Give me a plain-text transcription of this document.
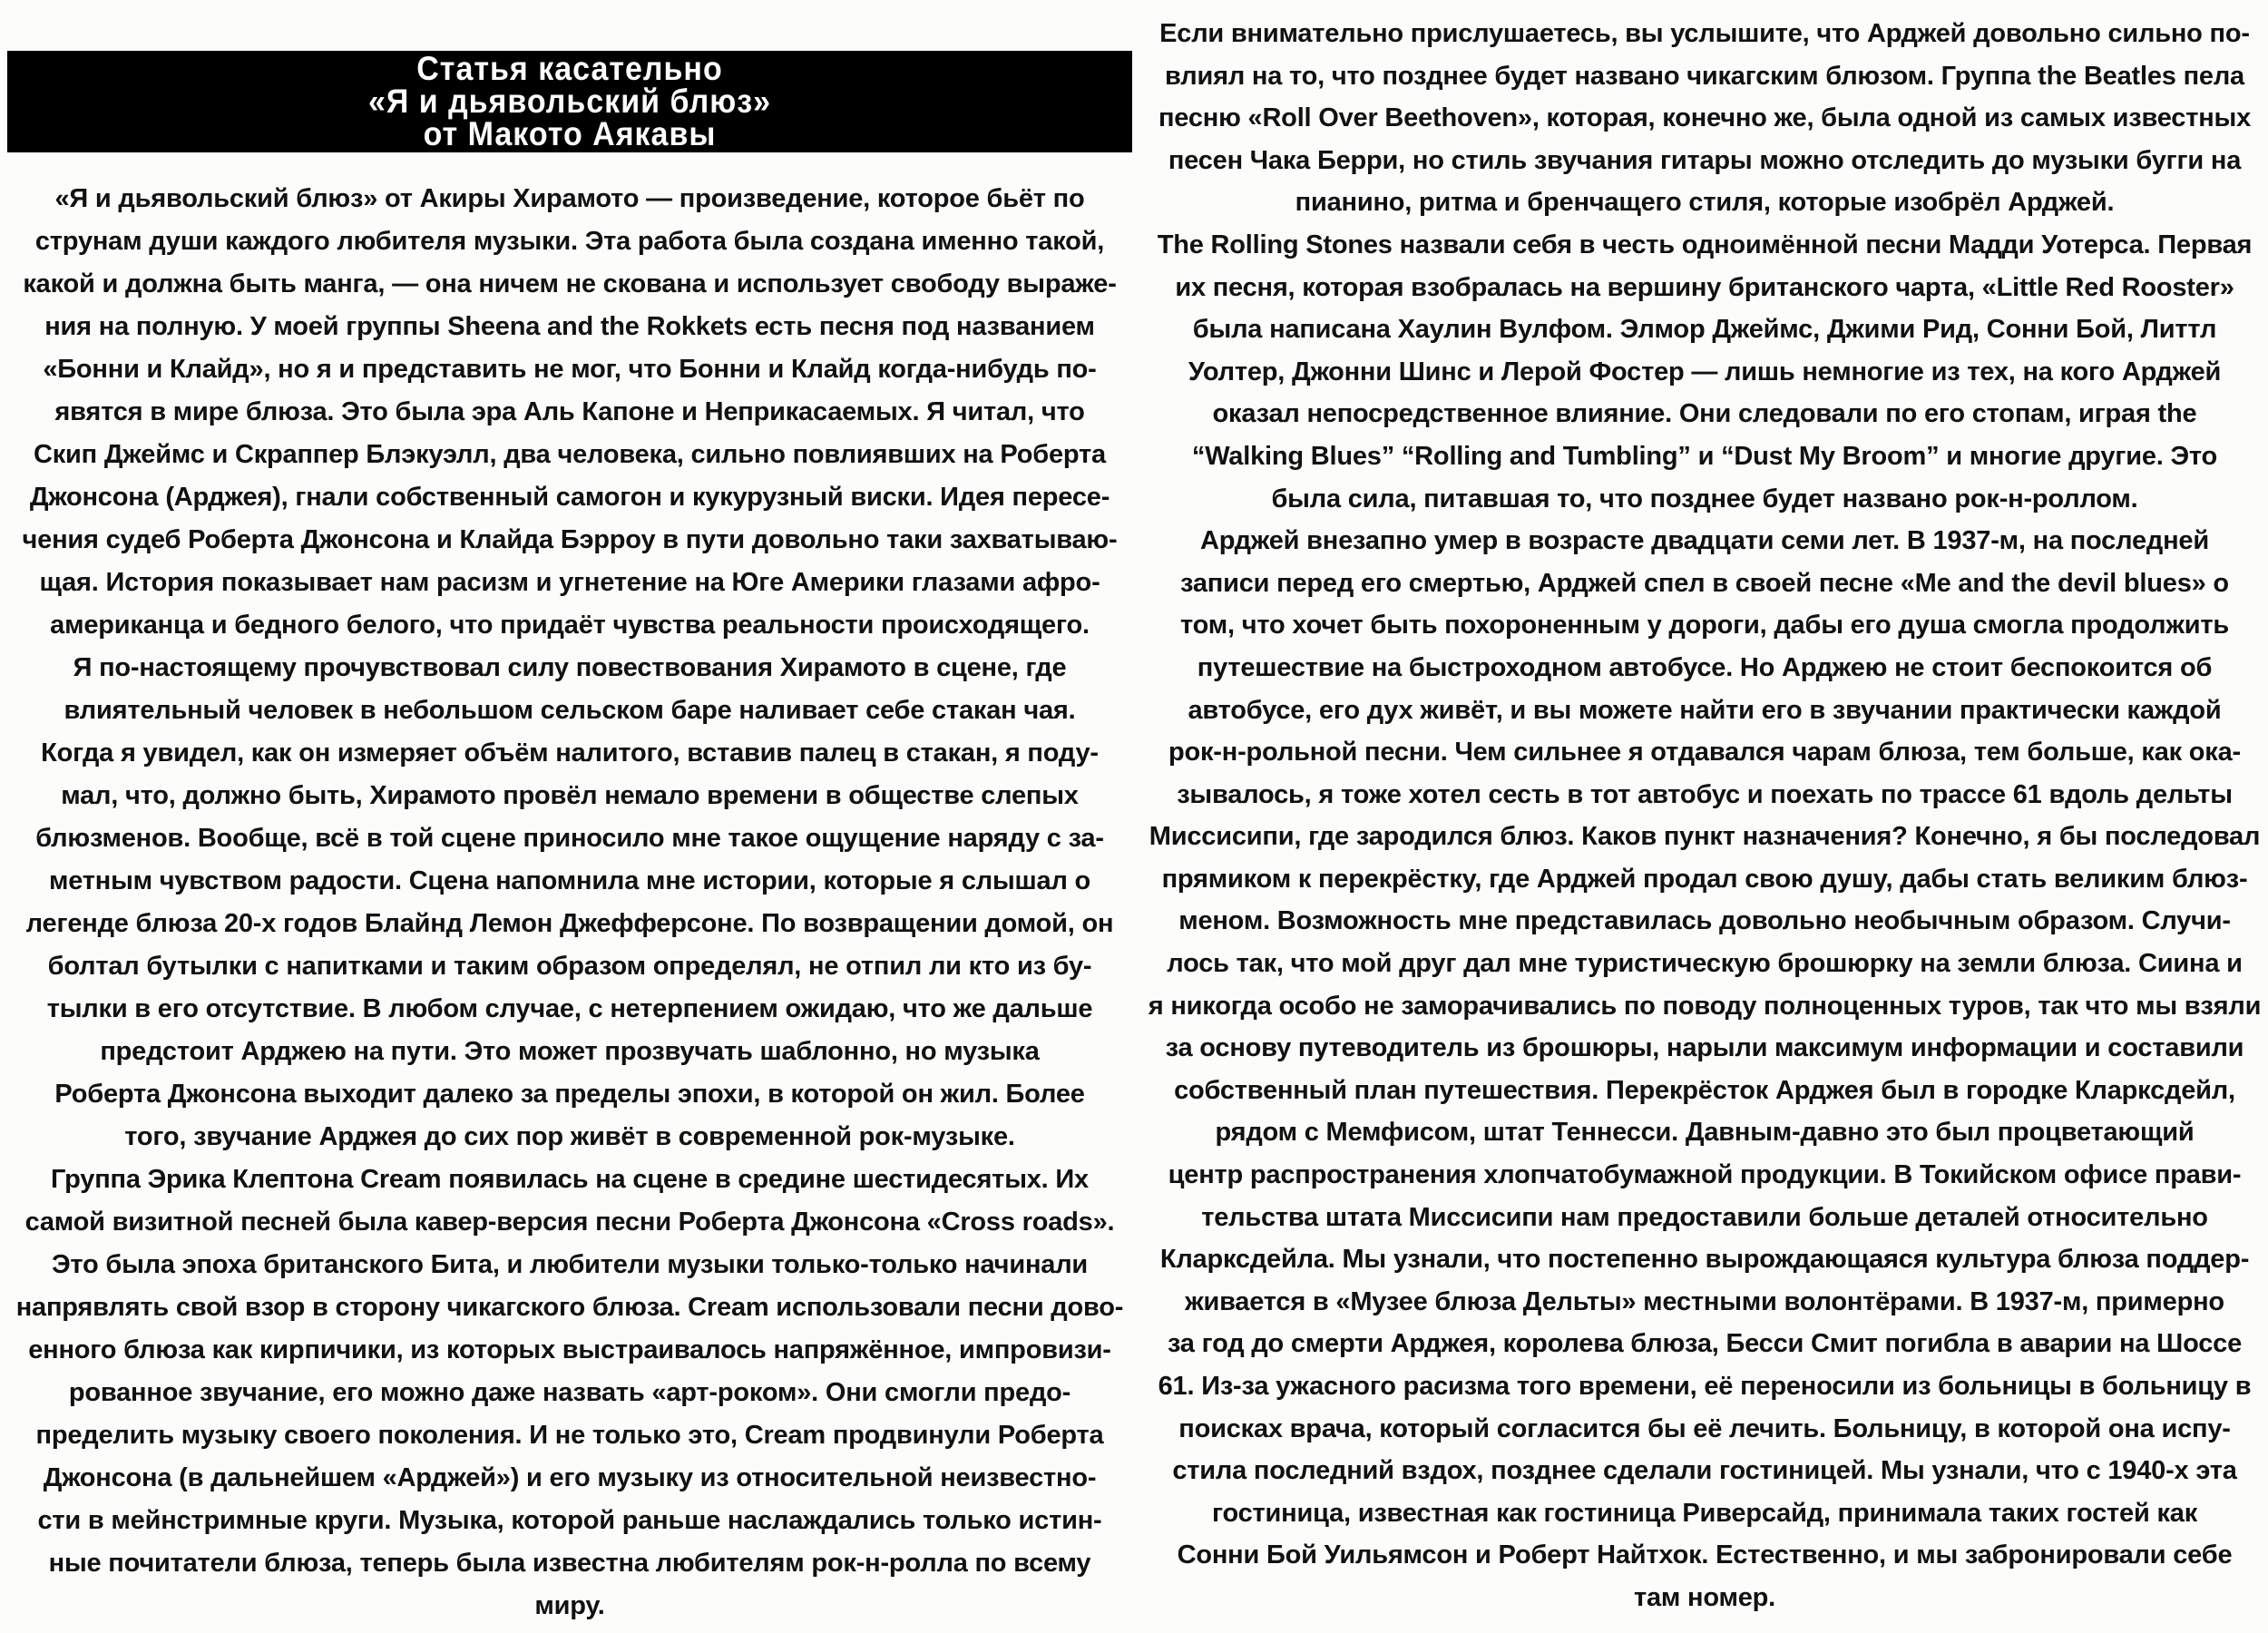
Статья касательно
«Я и дьявольский блюз»
от Макото Аякавы
«Я и дьявольский блюз» от Акиры Хирамото — произведение, которое бьёт по
струнам души каждого любителя музыки. Эта работа была создана именно такой,
какой и должна быть манга, — она ничем не скована и использует свободу выраже-
ния на полную. У моей группы Sheena and the Rokkets есть песня под названием
«Бонни и Клайд», но я и представить не мог, что Бонни и Клайд когда-нибудь по-
явятся в мире блюза. Это была эра Аль Капоне и Неприкасаемых. Я читал, что
Скип Джеймс и Скраппер Блэкуэлл, два человека, сильно повлиявших на Роберта
Джонсона (Арджея), гнали собственный самогон и кукурузный виски. Идея пересе-
чения судеб Роберта Джонсона и Клайда Бэрроу в пути довольно таки захватываю-
щая. История показывает нам расизм и угнетение на Юге Америки глазами афро-
американца и бедного белого, что придаёт чувства реальности происходящего.
Я по-настоящему прочувствовал силу повествования Хирамото в сцене, где
влиятельный человек в небольшом сельском баре наливает себе стакан чая.
Когда я увидел, как он измеряет объём налитого, вставив палец в стакан, я поду-
мал, что, должно быть, Хирамото провёл немало времени в обществе слепых
блюзменов. Вообще, всё в той сцене приносило мне такое ощущение наряду с за-
метным чувством радости. Сцена напомнила мне истории, которые я слышал о
легенде блюза 20-х годов Блайнд Лемон Джефферсоне. По возвращении домой, он
болтал бутылки с напитками и таким образом определял, не отпил ли кто из бу-
тылки в его отсутствие. В любом случае, с нетерпением ожидаю, что же дальше
предстоит Арджею на пути. Это может прозвучать шаблонно, но музыка
Роберта Джонсона выходит далеко за пределы эпохи, в которой он жил. Более
того, звучание Арджея до сих пор живёт в современной рок-музыке.
Группа Эрика Клептона Cream появилась на сцене в средине шестидесятых. Их
самой визитной песней была кавер-версия песни Роберта Джонсона «Cross roads».
Это была эпоха британского Бита, и любители музыки только-только начинали
напрявлять свой взор в сторону чикагского блюза. Cream использовали песни дово-
енного блюза как кирпичики, из которых выстраивалось напряжённое, импровизи-
рованное звучание, его можно даже назвать «арт-роком». Они смогли предо-
пределить музыку своего поколения. И не только это, Cream продвинули Роберта
Джонсона (в дальнейшем «Арджей») и его музыку из относительной неизвестно-
сти в мейнстримные круги. Музыка, которой раньше наслаждались только истин-
ные почитатели блюза, теперь была известна любителям рок-н-ролла по всему
миру.
Если внимательно прислушаетесь, вы услышите, что Арджей довольно сильно по-
влиял на то, что позднее будет названо чикагским блюзом. Группа the Beatles пела
песню «Roll Over Beethoven», которая, конечно же, была одной из самых известных
песен Чака Берри, но стиль звучания гитары можно отследить до музыки бугги на
пианино, ритма и бренчащего стиля, которые изобрёл Арджей.
The Rolling Stones назвали себя в честь одноимённой песни Мадди Уотерса. Первая
их песня, которая взобралась на вершину британского чарта, «Little Red Rooster»
была написана Хаулин Вулфом. Элмор Джеймс, Джими Рид, Сонни Бой, Литтл
Уолтер, Джонни Шинс и Лерой Фостер — лишь немногие из тех, на кого Арджей
оказал непосредственное влияние. Они следовали по его стопам, играя the
“Walking Blues” “Rolling and Tumbling” и “Dust My Broom” и многие другие. Это
была сила, питавшая то, что позднее будет названо рок-н-роллом.
Арджей внезапно умер в возрасте двадцати семи лет. В 1937-м, на последней
записи перед его смертью, Арджей спел в своей песне «Me and the devil blues» о
том, что хочет быть похороненным у дороги, дабы его душа смогла продолжить
путешествие на быстроходном автобусе. Но Арджею не стоит беспокоится об
автобусе, его дух живёт, и вы можете найти его в звучании практически каждой
рок-н-рольной песни. Чем сильнее я отдавался чарам блюза, тем больше, как ока-
зывалось, я тоже хотел сесть в тот автобус и поехать по трассе 61 вдоль дельты
Миссисипи, где зародился блюз. Каков пункт назначения? Конечно, я бы последовал
прямиком к перекрёстку, где Арджей продал свою душу, дабы стать великим блюз-
меном. Возможность мне представилась довольно необычным образом. Случи-
лось так, что мой друг дал мне туристическую брошюрку на земли блюза. Сиина и
я никогда особо не заморачивались по поводу полноценных туров, так что мы взяли
за основу путеводитель из брошюры, нарыли максимум информации и составили
собственный план путешествия. Перекрёсток Арджея был в городке Кларксдейл,
рядом с Мемфисом, штат Теннесси. Давным-давно это был процветающий
центр распространения хлопчатобумажной продукции. В Токийском офисе прави-
тельства штата Миссисипи нам предоставили больше деталей относительно
Кларксдейла. Мы узнали, что постепенно вырождающаяся культура блюза поддер-
живается в «Музее блюза Дельты» местными волонтёрами. В 1937-м, примерно
за год до смерти Арджея, королева блюза, Бесси Смит погибла в аварии на Шоссе
61. Из-за ужасного расизма того времени, её переносили из больницы в больницу в
поисках врача, который согласится бы её лечить. Больницу, в которой она испу-
стила последний вздох, позднее сделали гостиницей. Мы узнали, что с 1940-х эта
гостиница, известная как гостиница Риверсайд, принимала таких гостей как
Сонни Бой Уильямсон и Роберт Найтхок. Естественно, и мы забронировали себе
там номер.
